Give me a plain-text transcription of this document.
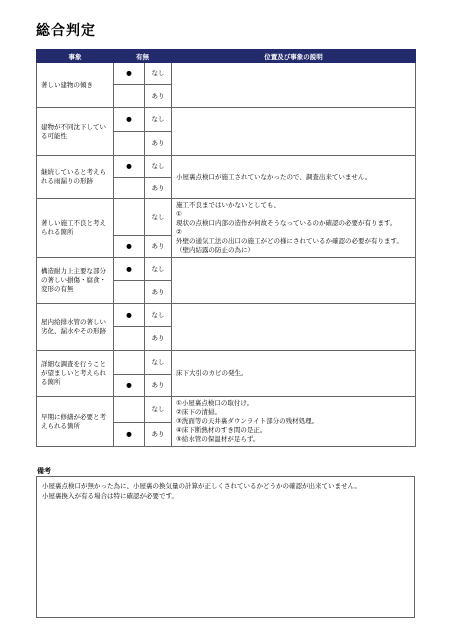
総合判定
事象	有無		位置及び事象の説明
著しい建物の傾き	●	なし	
		あり	
建物が不同沈下している可能性	●	なし	
		あり	
継続していると考えられる雨漏りの形跡	●	なし	小屋裏点検口が施工されていなかったので、調査出来ていません。

		あり	
著しい施工不良と考えられる箇所		なし	施工不良まではいかないとしても、
①
現状の点検口内部の造作が何故そうなっているのか確認の必要が有ります。
②
外壁の通気工法の出口の施工がどの様にされているか確認の必要が有ります。（壁内結露の防止の為に）

	●	あり	
構造耐力上主要な部分の著しい損傷・腐食・変形の有無	●	なし	
		あり	
屋内給排水管の著しい劣化、漏水やその形跡	●	なし	
		あり	
詳細な調査を行うことが望ましいと考えられる箇所		なし	床下大引のカビの発生。

	●	あり	
早期に修繕が必要と考えられる箇所		なし	①小屋裏点検口の取付け。
②床下の清掃。
③洗面等の天井裏ダウンライト部分の残材処理。
④床下断熱材のすき間の是正。
⑤給水管の保温材が足らず。

	●	あり	
備考
小屋裏点検口が無かった為に、小屋裏の換気量の計算が正しくされているかどうかの確認が出来ていません。
小屋裏換入が有る場合は特に確認が必要です。
